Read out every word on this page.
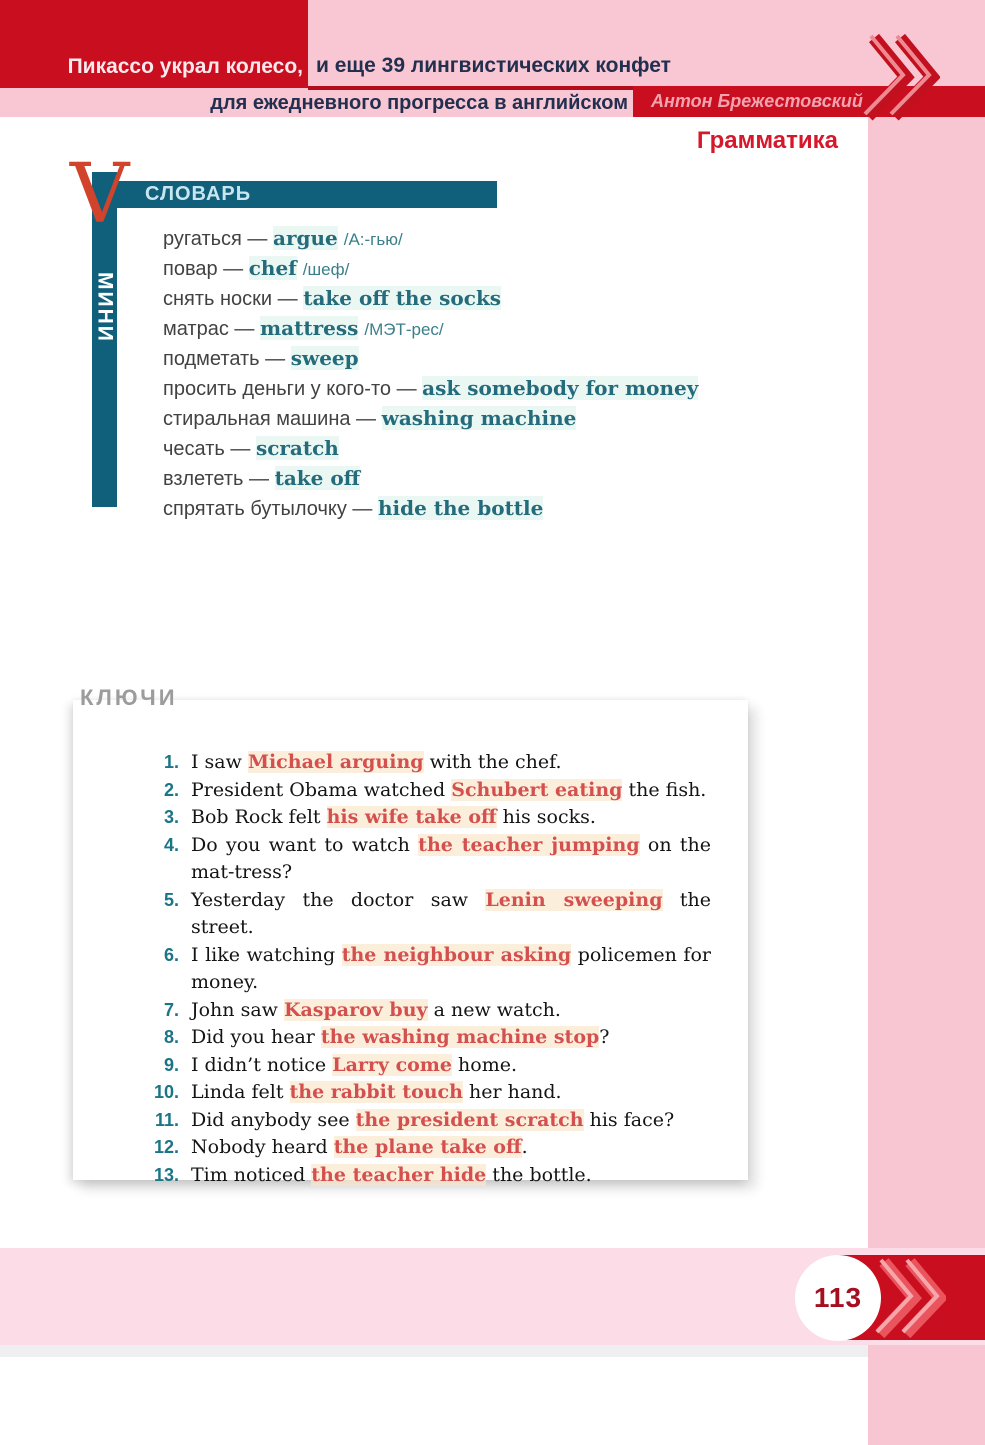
Пикассо украл колесо, и еще 39 лингвистических конфет
для ежедневного прогресса в английском Антон Брежестовский
Грамматика
МИНИ
СЛОВАРЬ
V ругаться — argue /А:-гью/
повар — chef /шеф/
снять носки — take off the socks
матрас — mattress /МЭТ-рес/
подметать — sweep
просить деньги у кого-то — ask somebody for money
стиральная машина — washing machine
чесать — scratch
взлететь — take off
спрятать бутылочку — hide the bottle
КЛЮЧИ
1. I saw Michael arguing with the chef.
2. President Obama watched Schubert eating the fish.
3. Bob Rock felt his wife take off his socks.
4. Do you want to watch the teacher jumping on the mat-tress?
5. Yesterday the doctor saw Lenin sweeping the street.
6. I like watching the neighbour asking policemen for money.
7. John saw Kasparov buy a new watch.
8. Did you hear the washing machine stop?
9. I didn’t notice Larry come home.
10. Linda felt the rabbit touch her hand.
11. Did anybody see the president scratch his face?
12. Nobody heard the plane take off.
13. Tim noticed the teacher hide the bottle.
113
